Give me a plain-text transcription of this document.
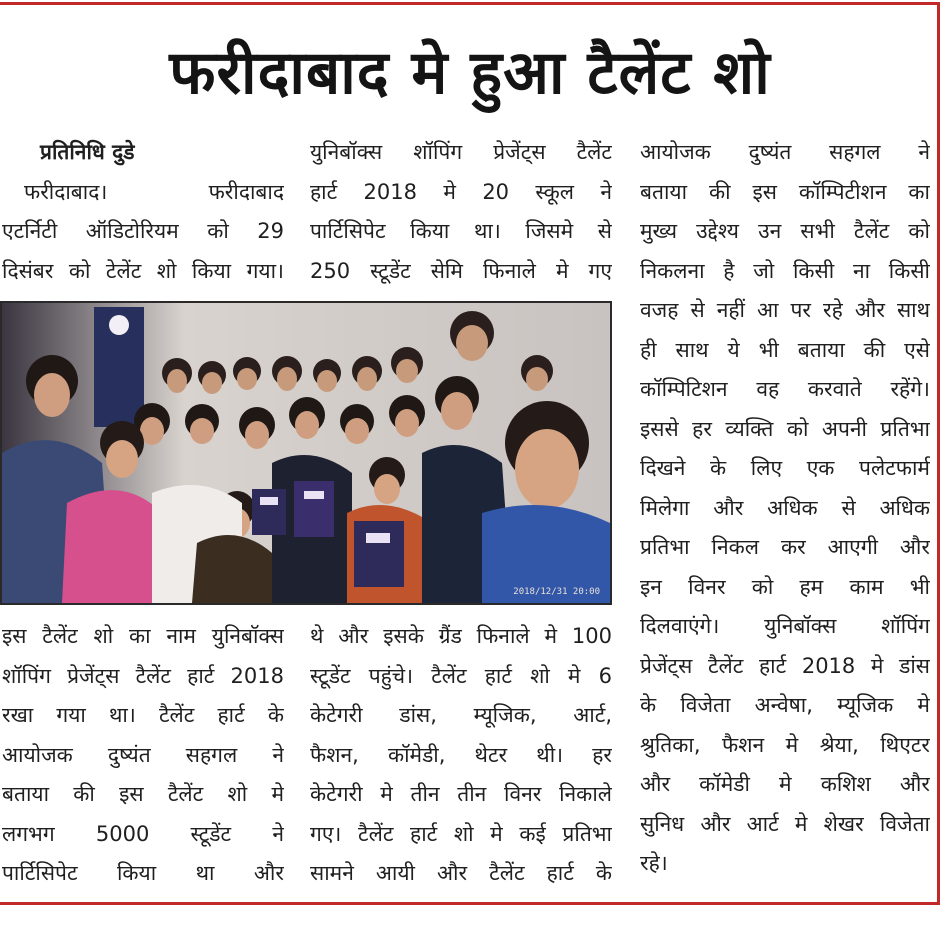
फरीदाबाद मे हुआ टैलेंट शो
प्रतिनिधि दुडे
फरीदाबाद। फरीदाबाद
एटर्निटी ऑडिटोरियम को 29
दिसंबर को टेलेंट शो किया गया।
युनिबॉक्स शॉपिंग प्रेजेंट्स टैलेंट
हार्ट 2018 मे 20 स्कूल ने
पार्टिसिपेट किया था। जिसमे से
250 स्टूडेंट सेमि फिनाले मे गए
आयोजक दुष्यंत सहगल ने
बताया की इस कॉम्पिटीशन का
मुख्य उद्देश्य उन सभी टैलेंट को
निकलना है जो किसी ना किसी
वजह से नहीं आ पर रहे और साथ
ही साथ ये भी बताया की एसे
कॉम्पिटिशन वह करवाते रहेंगे।
इससे हर व्यक्ति को अपनी प्रतिभा
दिखने के लिए एक पलेटफार्म
मिलेगा और अधिक से अधिक
प्रतिभा निकल कर आएगी और
इन विनर को हम काम भी
दिलवाएंगे। युनिबॉक्स शॉपिंग
प्रेजेंट्स टैलेंट हार्ट 2018 मे डांस
के विजेता अन्वेषा, म्यूजिक मे
श्रुतिका, फैशन मे श्रेया, थिएटर
और कॉमेडी मे कशिश और
सुनिध और आर्ट मे शेखर विजेता
रहे।
2018/12/31 20:00
इस टैलेंट शो का नाम युनिबॉक्स
शॉपिंग प्रेजेंट्स टैलेंट हार्ट 2018
रखा गया था। टैलेंट हार्ट के
आयोजक दुष्यंत सहगल ने
बताया की इस टैलेंट शो मे
लगभग 5000 स्टूडेंट ने
पार्टिसिपेट किया था और
थे और इसके ग्रैंड फिनाले मे 100
स्टूडेंट पहुंचे। टैलेंट हार्ट शो मे 6
केटेगरी डांस, म्यूजिक, आर्ट,
फैशन, कॉमेडी, थेटर थी। हर
केटेगरी मे तीन तीन विनर निकाले
गए। टैलेंट हार्ट शो मे कई प्रतिभा
सामने आयी और टैलेंट हार्ट के
